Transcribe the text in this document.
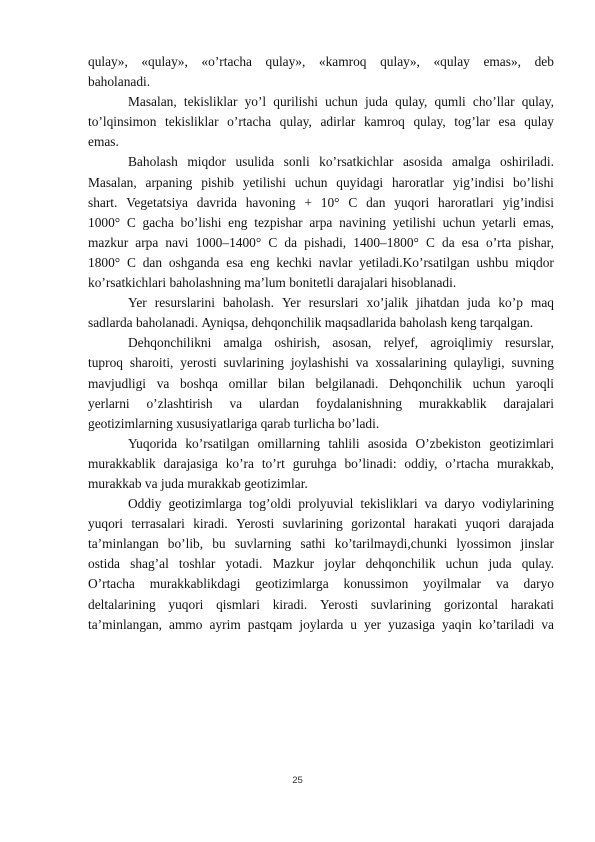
qulay», «qulay», «o’rtacha qulay», «kamroq qulay», «qulay emas», deb
baholanadi.
Masalan, tekisliklar yo’l qurilishi uchun juda qulay, qumli cho’llar qulay,
to’lqinsimon tekisliklar o’rtacha qulay, adirlar kamroq qulay, tog’lar esa qulay
emas.
Baholash miqdor usulida sonli ko’rsatkichlar asosida amalga oshiriladi.
Masalan, arpaning pishib yetilishi uchun quyidagi haroratlar yig’indisi bo’lishi
shart. Vegetatsiya davrida havoning + 10° C dan yuqori haroratlari yig’indisi
1000° C gacha bo’lishi eng tezpishar arpa navining yetilishi uchun yetarli emas,
mazkur arpa navi 1000–1400° C da pishadi, 1400–1800° C da esa o’rta pishar,
1800° C dan oshganda esa eng kechki navlar yetiladi.Ko’rsatilgan ushbu miqdor
ko’rsatkichlari baholashning ma’lum bonitetli darajalari hisoblanadi.
Yer resurslarini baholash. Yer resurslari xo’jalik jihatdan juda ko’p maq
sadlarda baholanadi. Ayniqsa, dehqonchilik maqsadlarida baholash keng tarqalgan.
Dehqonchilikni amalga oshirish, asosan, relyef, agroiqlimiy resurslar,
tuproq sharoiti, yerosti suvlarining joylashishi va xossalarining qulayligi, suvning
mavjudligi va boshqa omillar bilan belgilanadi. Dehqonchilik uchun yaroqli
yerlarni o’zlashtirish va ulardan foydalanishning murakkablik darajalari
geotizimlarning xususiyatlariga qarab turlicha bo’ladi.
Yuqorida ko’rsatilgan omillarning tahlili asosida O’zbekiston geotizimlari
murakkablik darajasiga ko’ra to’rt guruhga bo’linadi: oddiy, o’rtacha murakkab,
murakkab va juda murakkab geotizimlar.
Oddiy geotizimlarga tog’oldi prolyuvial tekisliklari va daryo vodiylarining
yuqori terrasalari kiradi. Yerosti suvlarining gorizontal harakati yuqori darajada
ta’minlangan bo’lib, bu suvlarning sathi ko’tarilmaydi,chunki lyossimon jinslar
ostida shag’al toshlar yotadi. Mazkur joylar dehqonchilik uchun juda qulay.
O’rtacha murakkablikdagi geotizimlarga konussimon yoyilmalar va daryo
deltalarining yuqori qismlari kiradi. Yerosti suvlarining gorizontal harakati
ta’minlangan, ammo ayrim pastqam joylarda u yer yuzasiga yaqin ko’tariladi va
25
